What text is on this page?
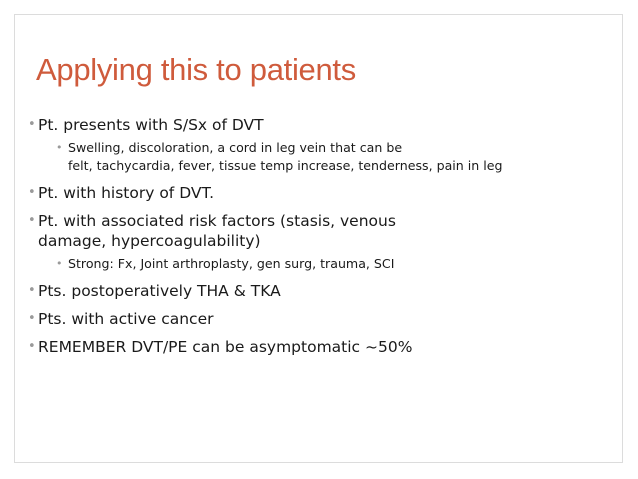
Applying this to patients
• Pt. presents with S/Sx of DVT
• Swelling, discoloration, a cord in leg vein that can be
felt, tachycardia, fever, tissue temp increase, tenderness, pain in leg
• Pt. with history of DVT.
• Pt. with associated risk factors (stasis, venous
damage, hypercoagulability)
• Strong: Fx, Joint arthroplasty, gen surg, trauma, SCI
• Pts. postoperatively THA & TKA
• Pts. with active cancer
• REMEMBER DVT/PE can be asymptomatic ~50%
